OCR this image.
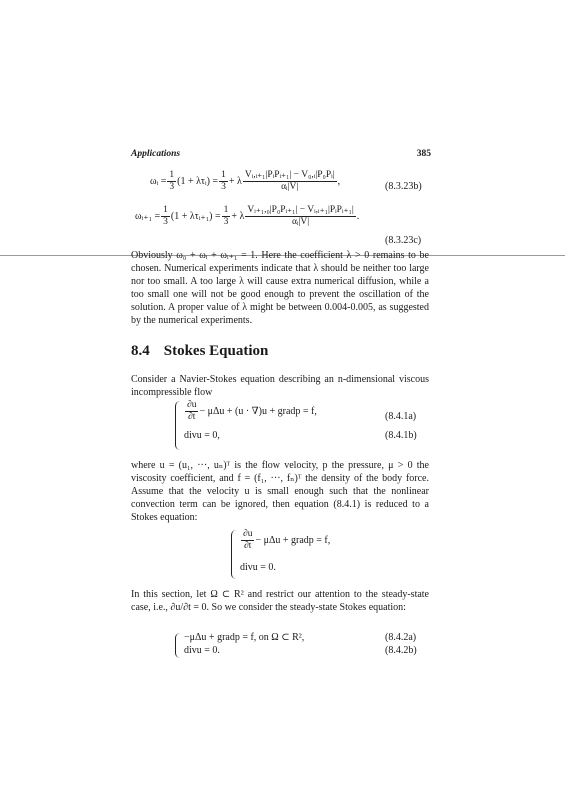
Applications	385
ωᵢ = $\frac{1}{3} (1$ + λτᵢ) = $\frac{1}{3} + \lambda \frac{\text{Vᵢ,ᵢ₊₁|PᵢPᵢ₊₁| − V₀,ᵢ|P₀Pᵢ|}}{\text{αᵢ|V|}}$ ,	(8.3.23b)
ωᵢ₊₁ = $\frac{1}{3} (1$ + λτᵢ₊₁) = $\frac{1}{3} + \lambda \frac{\text{Vᵢ₊₁,₀|P₀Pᵢ₊₁| − Vᵢ,ᵢ₊₁|PᵢPᵢ₊₁|}}{\text{αᵢ|V|}}$ .
(8.3.23c)
Obviously ω₀ + ωᵢ + ωᵢ₊₁ = 1. Here the coefficient λ > 0 remains to be chosen. Numerical experiments indicate that λ should be neither too large nor too small. A too large λ will cause extra numerical diffusion, while a too small one will not be good enough to prevent the oscillation of the solution. A proper value of λ might be between 0.004-0.005, as suggested by the numerical experiments.
8.4 Stokes Equation
Consider a Navier-Stokes equation describing an n-dimensional viscous incompressible flow
$\frac{\partial u}{\partial t} - \mu\Delta u + (u \cdot \nabla)u$ + gradp = f,
divu = 0,
(8.4.1a)
(8.4.1b)
where u = (u₁, ···, uₙ)ᵀ is the flow velocity, p the pressure, μ > 0 the viscosity coefficient, and f = (f₁, ···, fₙ)ᵀ the density of the body force. Assume that the velocity u is small enough such that the nonlinear convection term can be ignored, then equation (8.4.1) is reduced to a Stokes equation:
$\frac{\partial u}{\partial t} - \mu\Delta u$ + gradp = f,
divu = 0.
In this section, let Ω ⊂ R² and restrict our attention to the steady-state case, i.e., ∂u/∂t = 0. So we consider the steady-state Stokes equation:
−μΔu + gradp = f, on Ω ⊂ R²,
divu = 0.
(8.4.2a)
(8.4.2b)
